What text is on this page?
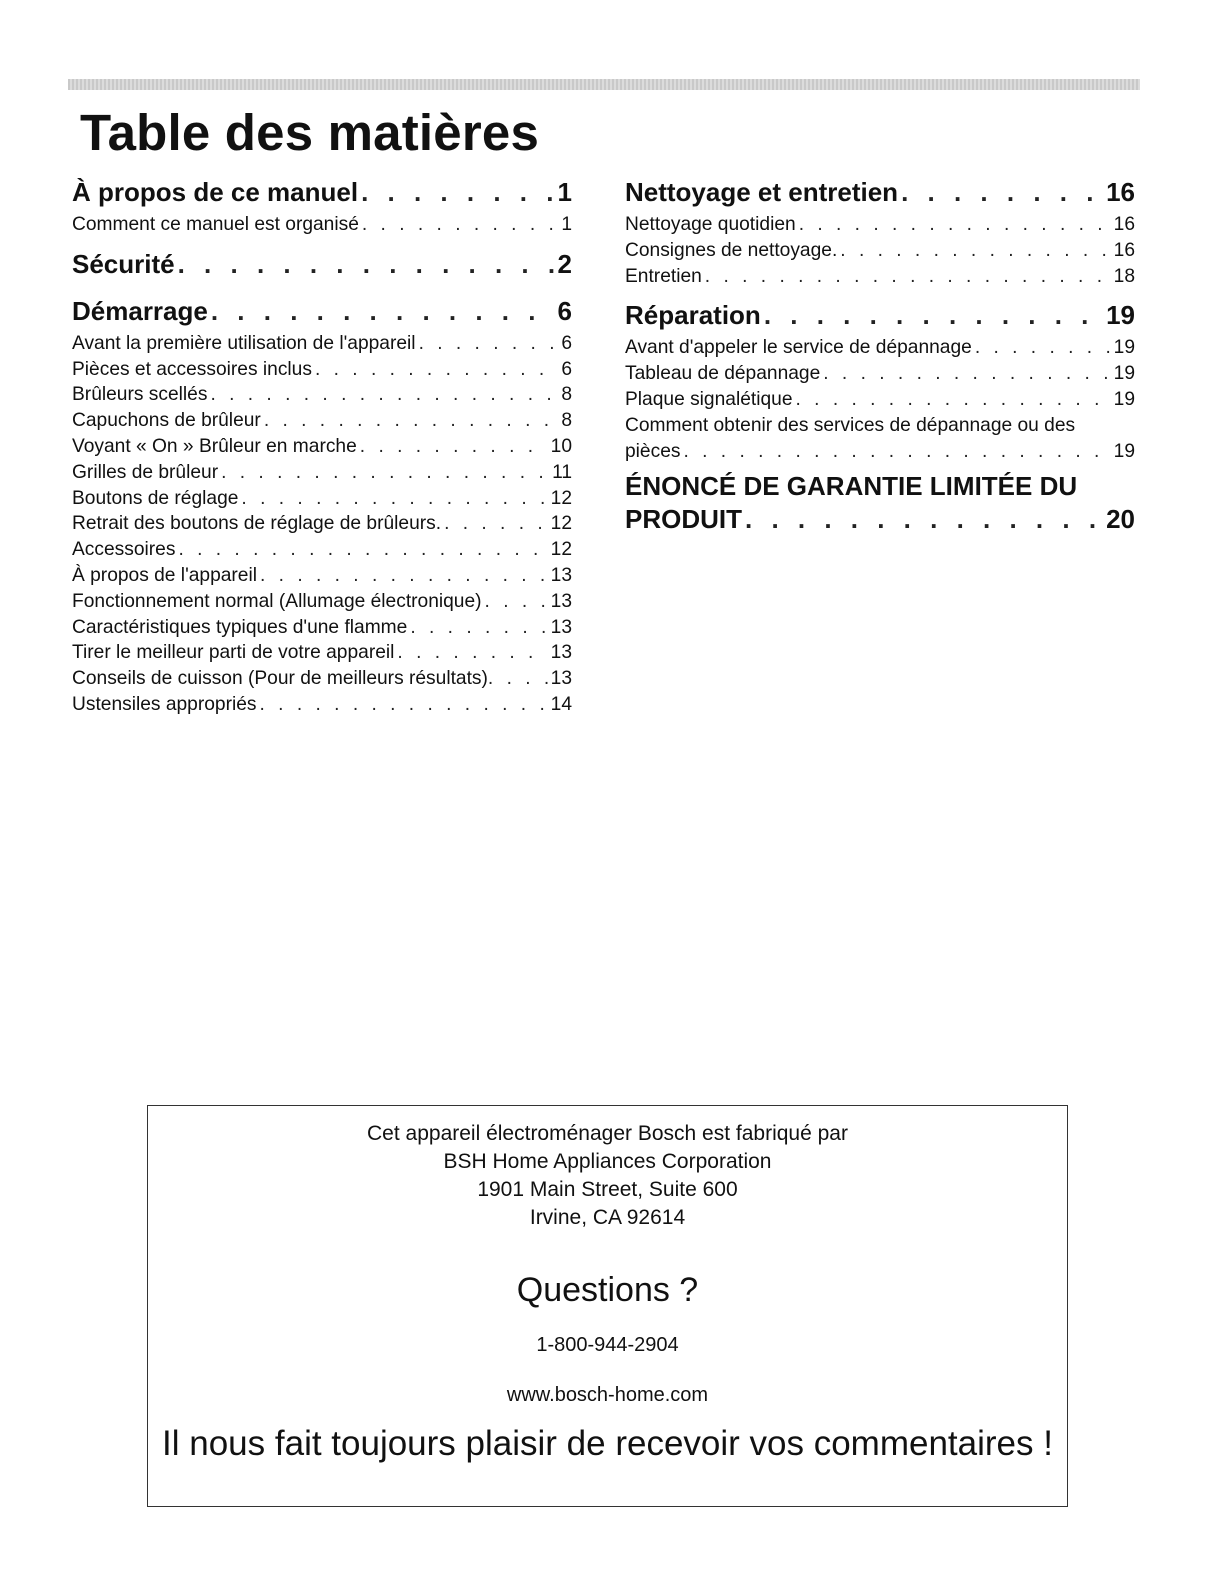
Table des matières
À propos de ce manuel . . .	1
Comment ce manuel est organisé . . .	1
Sécurité . . .	2
Démarrage . . .	6
Avant la première utilisation de l'appareil . . .	6
Pièces et accessoires inclus . . .	6
Brûleurs scellés . . .	8
Capuchons de brûleur . . .	8
Voyant « On » Brûleur en marche . . .	10
Grilles de brûleur . . .	11
Boutons de réglage . . .	12
Retrait des boutons de réglage de brûleurs. . . .	12
Accessoires . . .	12
À propos de l'appareil . . .	13
Fonctionnement normal (Allumage électronique) . . .	13
Caractéristiques typiques d'une flamme . . .	13
Tirer le meilleur parti de votre appareil . . .	13
Conseils de cuisson (Pour de meilleurs résultats) . . .	13
Ustensiles appropriés . . .	14
Nettoyage et entretien . . .	16
Nettoyage quotidien . . .	16
Consignes de nettoyage. . . .	16
Entretien . . .	18
Réparation . . .	19
Avant d'appeler le service de dépannage . . .	19
Tableau de dépannage . . .	19
Plaque signalétique . . .	19
Comment obtenir des services de dépannage ou des
pièces . . .	19
ÉNONCÉ DE GARANTIE LIMITÉE DU
PRODUIT . . .	20
Cet appareil électroménager Bosch est fabriqué par
BSH Home Appliances Corporation
1901 Main Street, Suite 600
Irvine, CA 92614
Questions ?
1-800-944-2904
www.bosch-home.com
Il nous fait toujours plaisir de recevoir vos commentaires !
